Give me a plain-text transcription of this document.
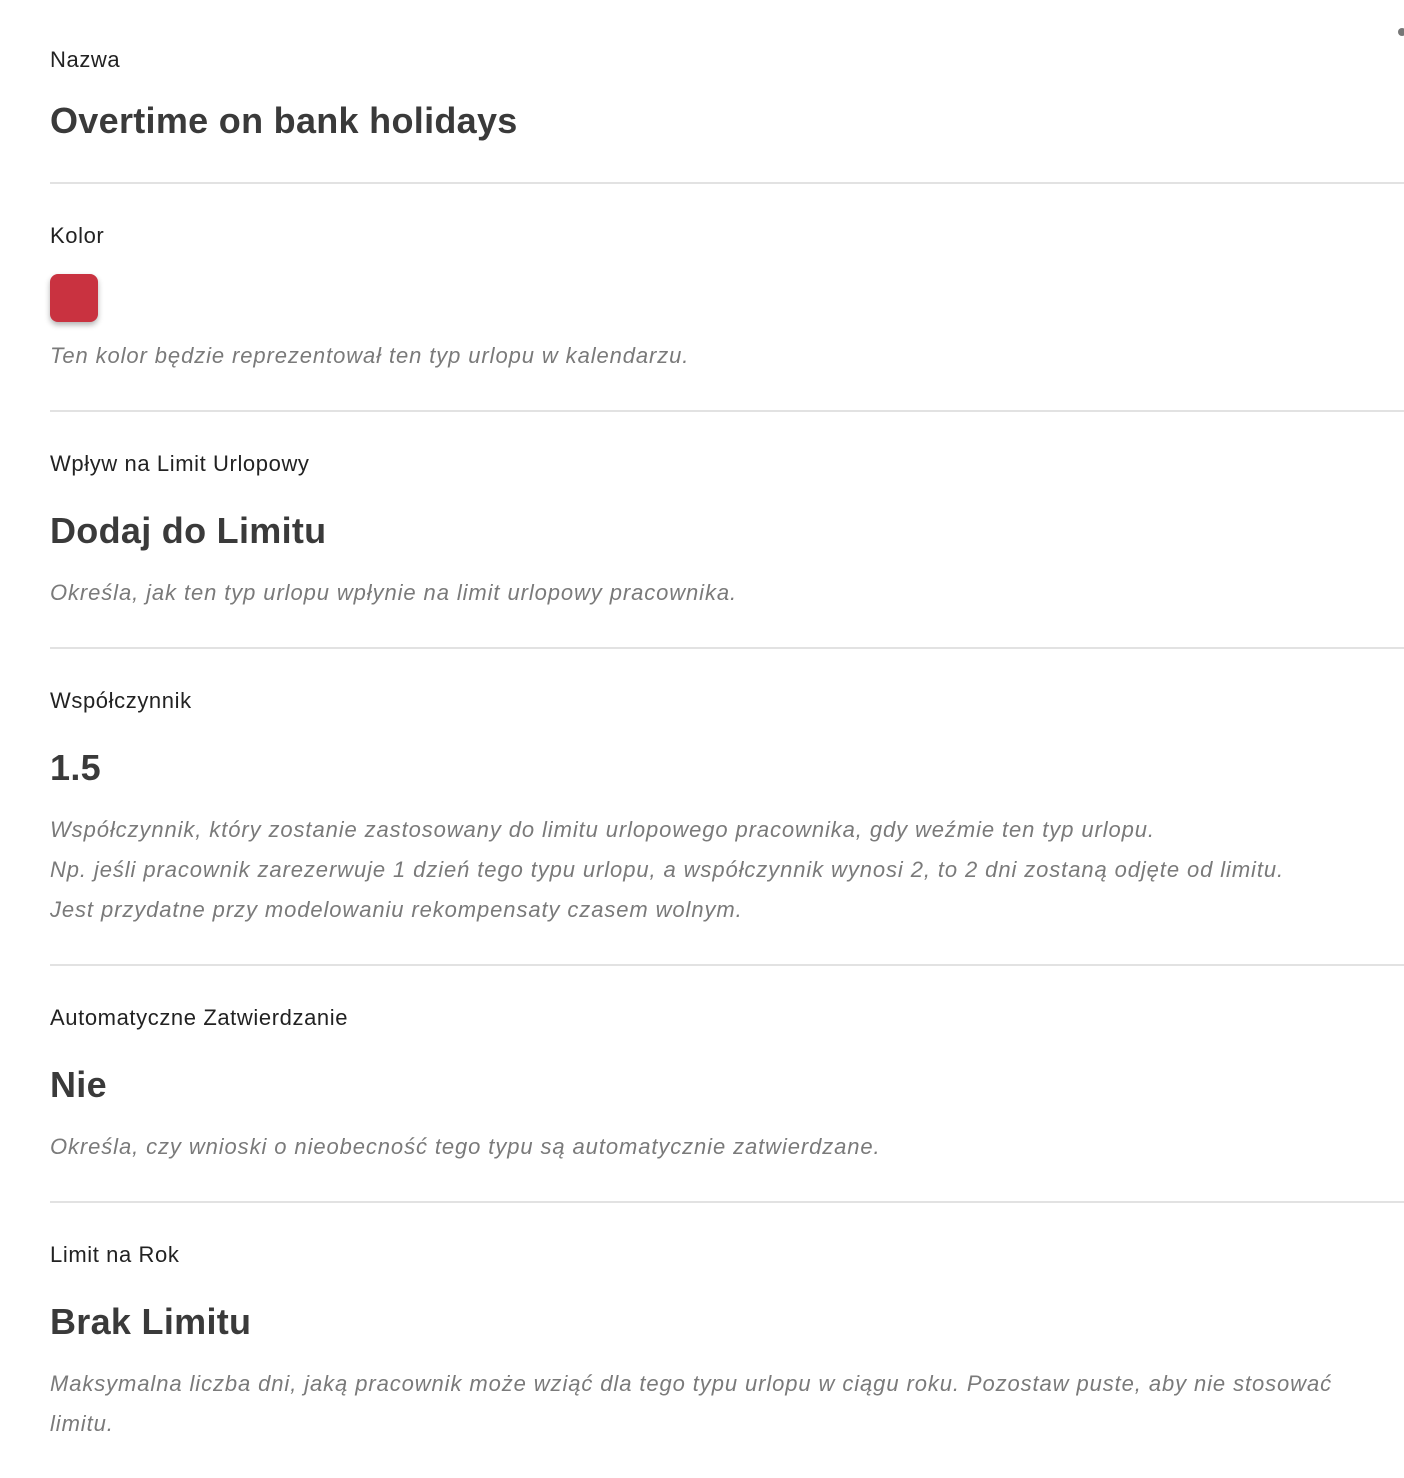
Nazwa
Overtime on bank holidays
Kolor
Ten kolor będzie reprezentował ten typ urlopu w kalendarzu.
Wpływ na Limit Urlopowy
Dodaj do Limitu
Określa, jak ten typ urlopu wpłynie na limit urlopowy pracownika.
Współczynnik
1.5
Współczynnik, który zostanie zastosowany do limitu urlopowego pracownika, gdy weźmie ten typ urlopu.
Np. jeśli pracownik zarezerwuje 1 dzień tego typu urlopu, a współczynnik wynosi 2, to 2 dni zostaną odjęte od limitu.
Jest przydatne przy modelowaniu rekompensaty czasem wolnym.
Automatyczne Zatwierdzanie
Nie
Określa, czy wnioski o nieobecność tego typu są automatycznie zatwierdzane.
Limit na Rok
Brak Limitu
Maksymalna liczba dni, jaką pracownik może wziąć dla tego typu urlopu w ciągu roku. Pozostaw puste, aby nie stosować limitu.
